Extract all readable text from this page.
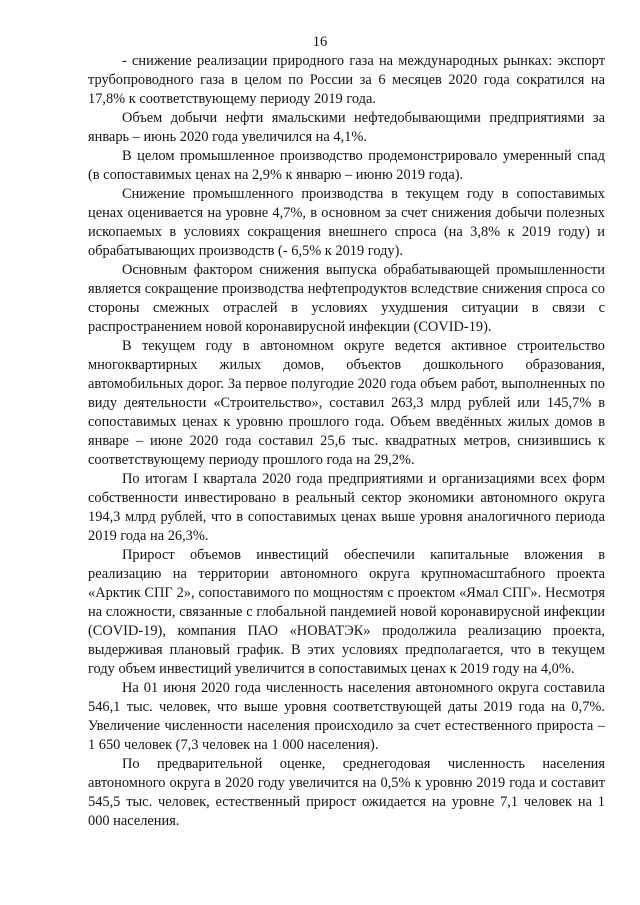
16

- снижение реализации природного газа на международных рынках: экспорт трубопроводного газа в целом по России за 6 месяцев 2020 года сократился на 17,8% к соответствующему периоду 2019 года.

Объем добычи нефти ямальскими нефтедобывающими предприятиями за январь – июнь 2020 года увеличился на 4,1%.

В целом промышленное производство продемонстрировало умеренный спад (в сопоставимых ценах на 2,9% к январю – июню 2019 года).

Снижение промышленного производства в текущем году в сопоставимых ценах оценивается на уровне 4,7%, в основном за счет снижения добычи полезных ископаемых в условиях сокращения внешнего спроса (на 3,8% к 2019 году) и обрабатывающих производств (- 6,5% к 2019 году).

Основным фактором снижения выпуска обрабатывающей промышленности является сокращение производства нефтепродуктов вследствие снижения спроса со стороны смежных отраслей в условиях ухудшения ситуации в связи с распространением новой коронавирусной инфекции (COVID-19).

В текущем году в автономном округе ведется активное строительство многоквартирных жилых домов, объектов дошкольного образования, автомобильных дорог. За первое полугодие 2020 года объем работ, выполненных по виду деятельности «Строительство», составил 263,3 млрд рублей или 145,7% в сопоставимых ценах к уровню прошлого года. Объем введённых жилых домов в январе – июне 2020 года составил 25,6 тыс. квадратных метров, снизившись к соответствующему периоду прошлого года на 29,2%.

По итогам I квартала 2020 года предприятиями и организациями всех форм собственности инвестировано в реальный сектор экономики автономного округа 194,3 млрд рублей, что в сопоставимых ценах выше уровня аналогичного периода 2019 года на 26,3%.

Прирост объемов инвестиций обеспечили капитальные вложения в реализацию на территории автономного округа крупномасштабного проекта «Арктик СПГ 2», сопоставимого по мощностям с проектом «Ямал СПГ». Несмотря на сложности, связанные с глобальной пандемией новой коронавирусной инфекции (COVID-19), компания ПАО «НОВАТЭК» продолжила реализацию проекта, выдерживая плановый график. В этих условиях предполагается, что в текущем году объем инвестиций увеличится в сопоставимых ценах к 2019 году на 4,0%.

На 01 июня 2020 года численность населения автономного округа составила 546,1 тыс. человек, что выше уровня соответствующей даты 2019 года на 0,7%. Увеличение численности населения происходило за счет естественного прироста – 1 650 человек (7,3 человек на 1 000 населения).

По предварительной оценке, среднегодовая численность населения автономного округа в 2020 году увеличится на 0,5% к уровню 2019 года и составит 545,5 тыс. человек, естественный прирост ожидается на уровне 7,1 человек на 1 000 населения.
